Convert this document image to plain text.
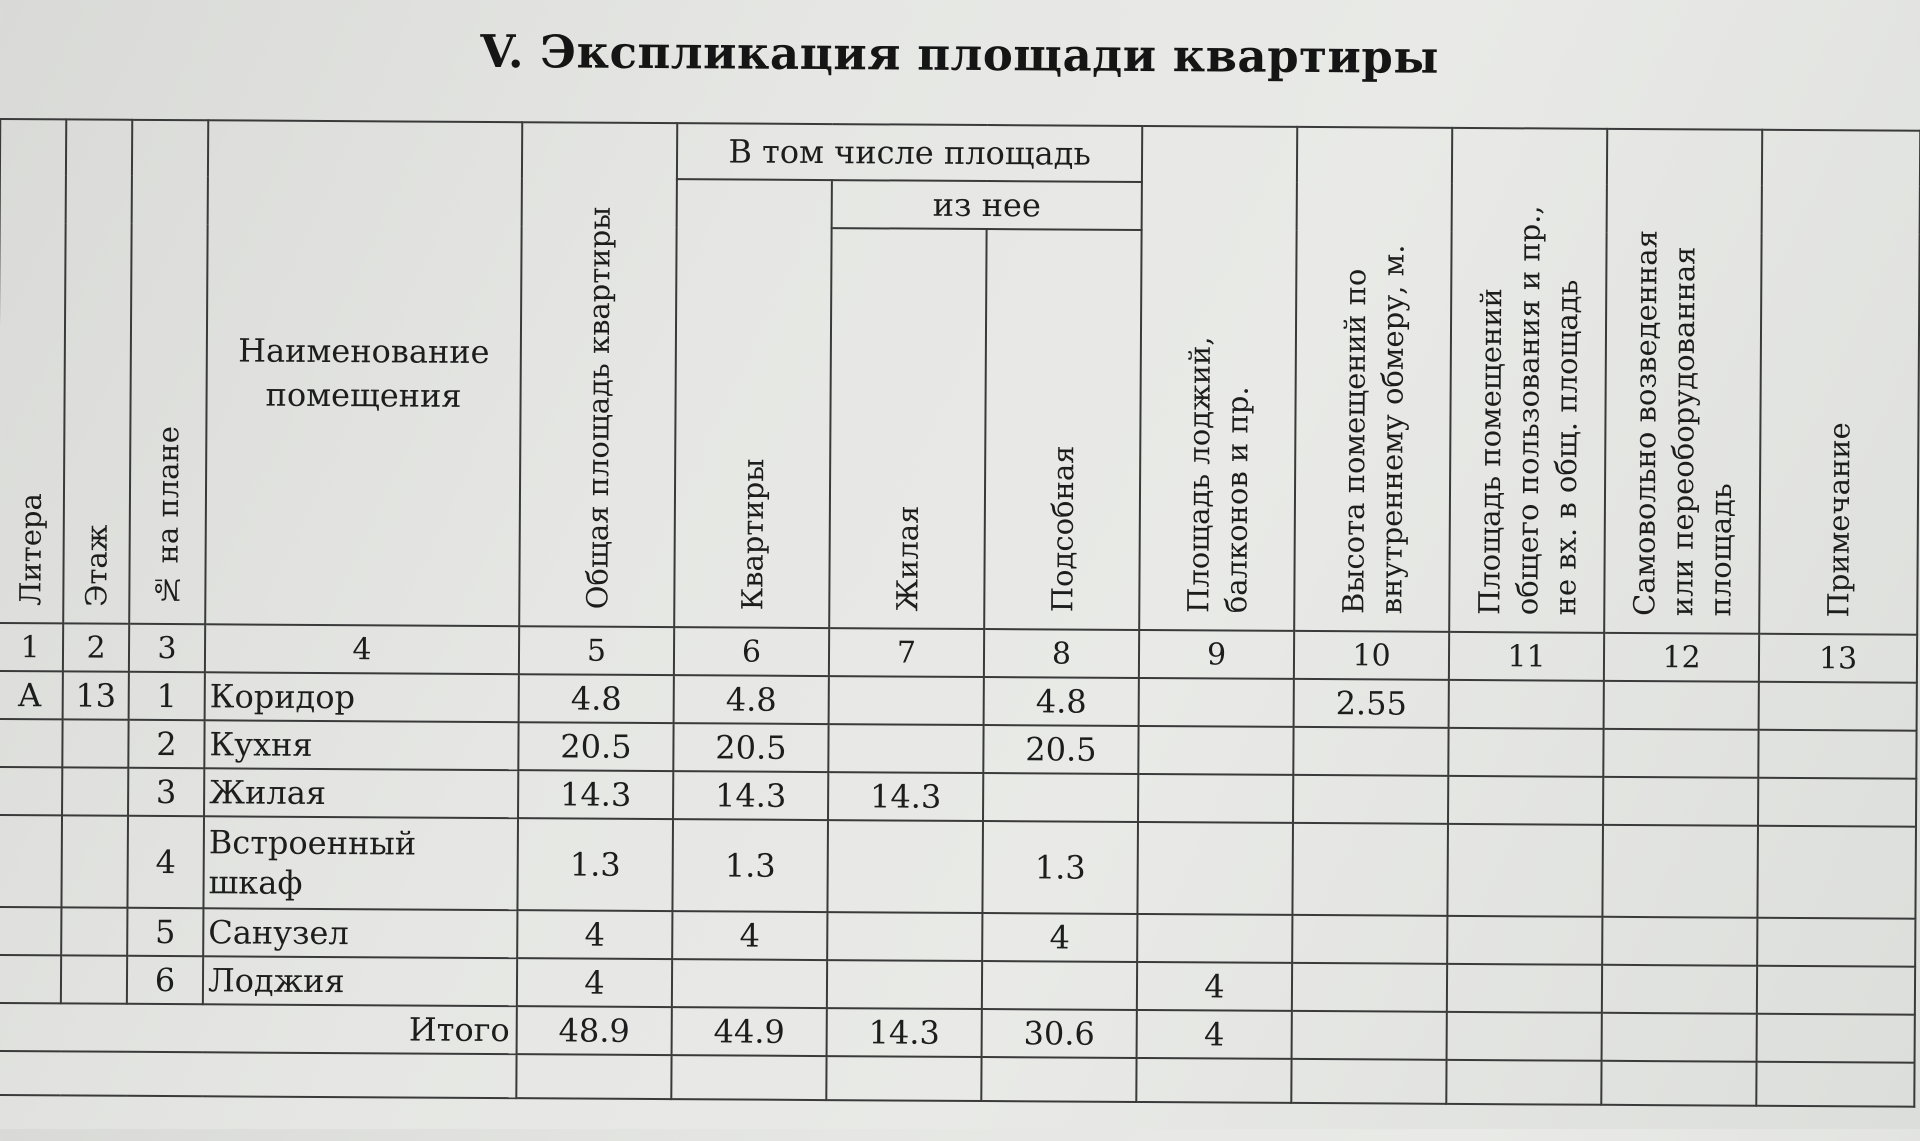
V. Экспликация площади квартиры
Литера	Этаж	№ на плане	Наименование
помещения	Общая площадь квартиры	В том числе площадь			Площадь лоджий,
балконов и пр.	Высота помещений по
внутреннему обмеру, м.	Площадь помещений
общего пользования и пр.,
не вх. в общ. площадь	Самовольно возведенная
или переоборудованная
площадь	Примечание
					Квартиры	из нее						
						Жилая	Подсобная					
1	2	3	4	5	6	7	8	9	10	11	12	13
А	13	1	Коридор	4.8	4.8		4.8		2.55			
		2	Кухня	20.5	20.5		20.5					
		3	Жилая	14.3	14.3	14.3						
		4	Встроенный
шкаф	1.3	1.3		1.3					
		5	Санузел	4	4		4					
		6	Лоджия	4				4				
Итого				48.9	44.9	14.3	30.6	4				
